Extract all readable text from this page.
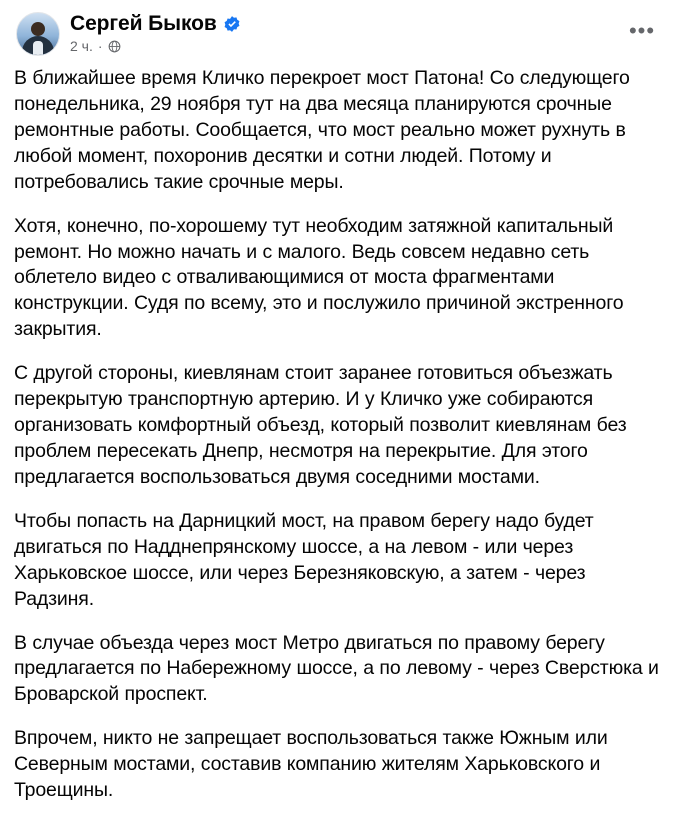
Сергей Быков
2 ч. ·
•••

В ближайшее время Кличко перекроет мост Патона! Со следующего понедельника, 29 ноября тут на два месяца планируются срочные ремонтные работы. Сообщается, что мост реально может рухнуть в любой момент, похоронив десятки и сотни людей. Потому и потребовались такие срочные меры.

Хотя, конечно, по-хорошему тут необходим затяжной капитальный ремонт. Но можно начать и с малого. Ведь совсем недавно сеть облетело видео с отваливающимися от моста фрагментами конструкции. Судя по всему, это и послужило причиной экстренного закрытия.

С другой стороны, киевлянам стоит заранее готовиться объезжать перекрытую транспортную артерию. И у Кличко уже собираются организовать комфортный объезд, который позволит киевлянам без проблем пересекать Днепр, несмотря на перекрытие. Для этого предлагается воспользоваться двумя соседними мостами.

Чтобы попасть на Дарницкий мост, на правом берегу надо будет двигаться по Надднепрянскому шоссе, а на левом - или через Харьковское шоссе, или через Березняковскую, а затем - через Радзиня.

В случае объезда через мост Метро двигаться по правому берегу предлагается по Набережному шоссе, а по левому - через Сверстюка и Броварской проспект.

Впрочем, никто не запрещает воспользоваться также Южным или Северным мостами, составив компанию жителям Харьковского и Троещины.
